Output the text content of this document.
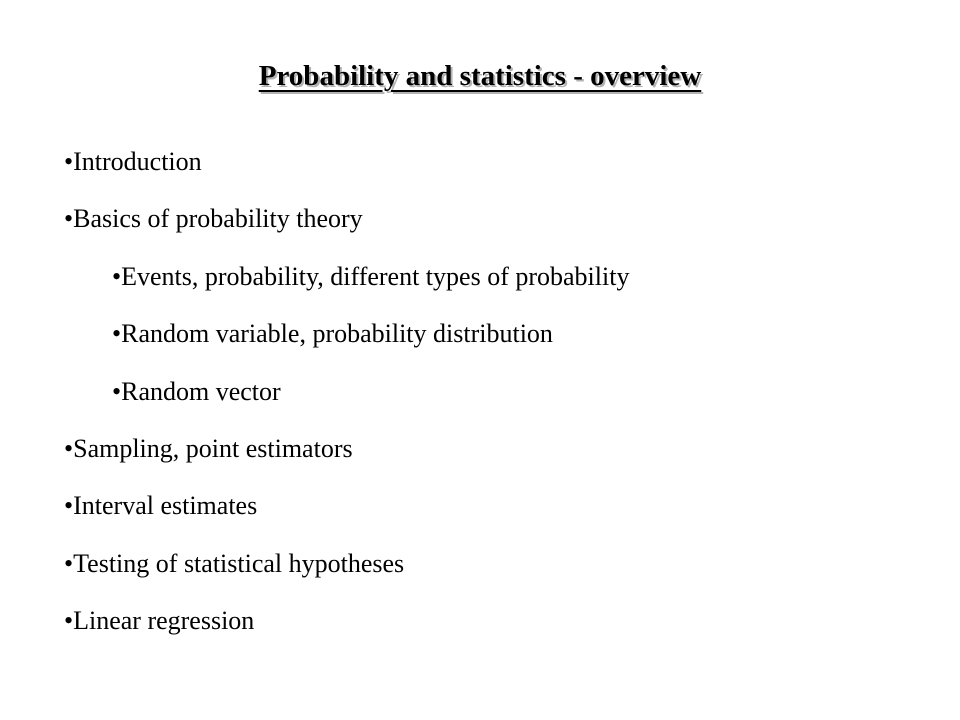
Probability and statistics - overview
• Introduction
• Basics of probability theory
• Events, probability, different types of probability
• Random variable, probability distribution
• Random vector
• Sampling, point estimators
• Interval estimates
• Testing of statistical hypotheses
• Linear regression
